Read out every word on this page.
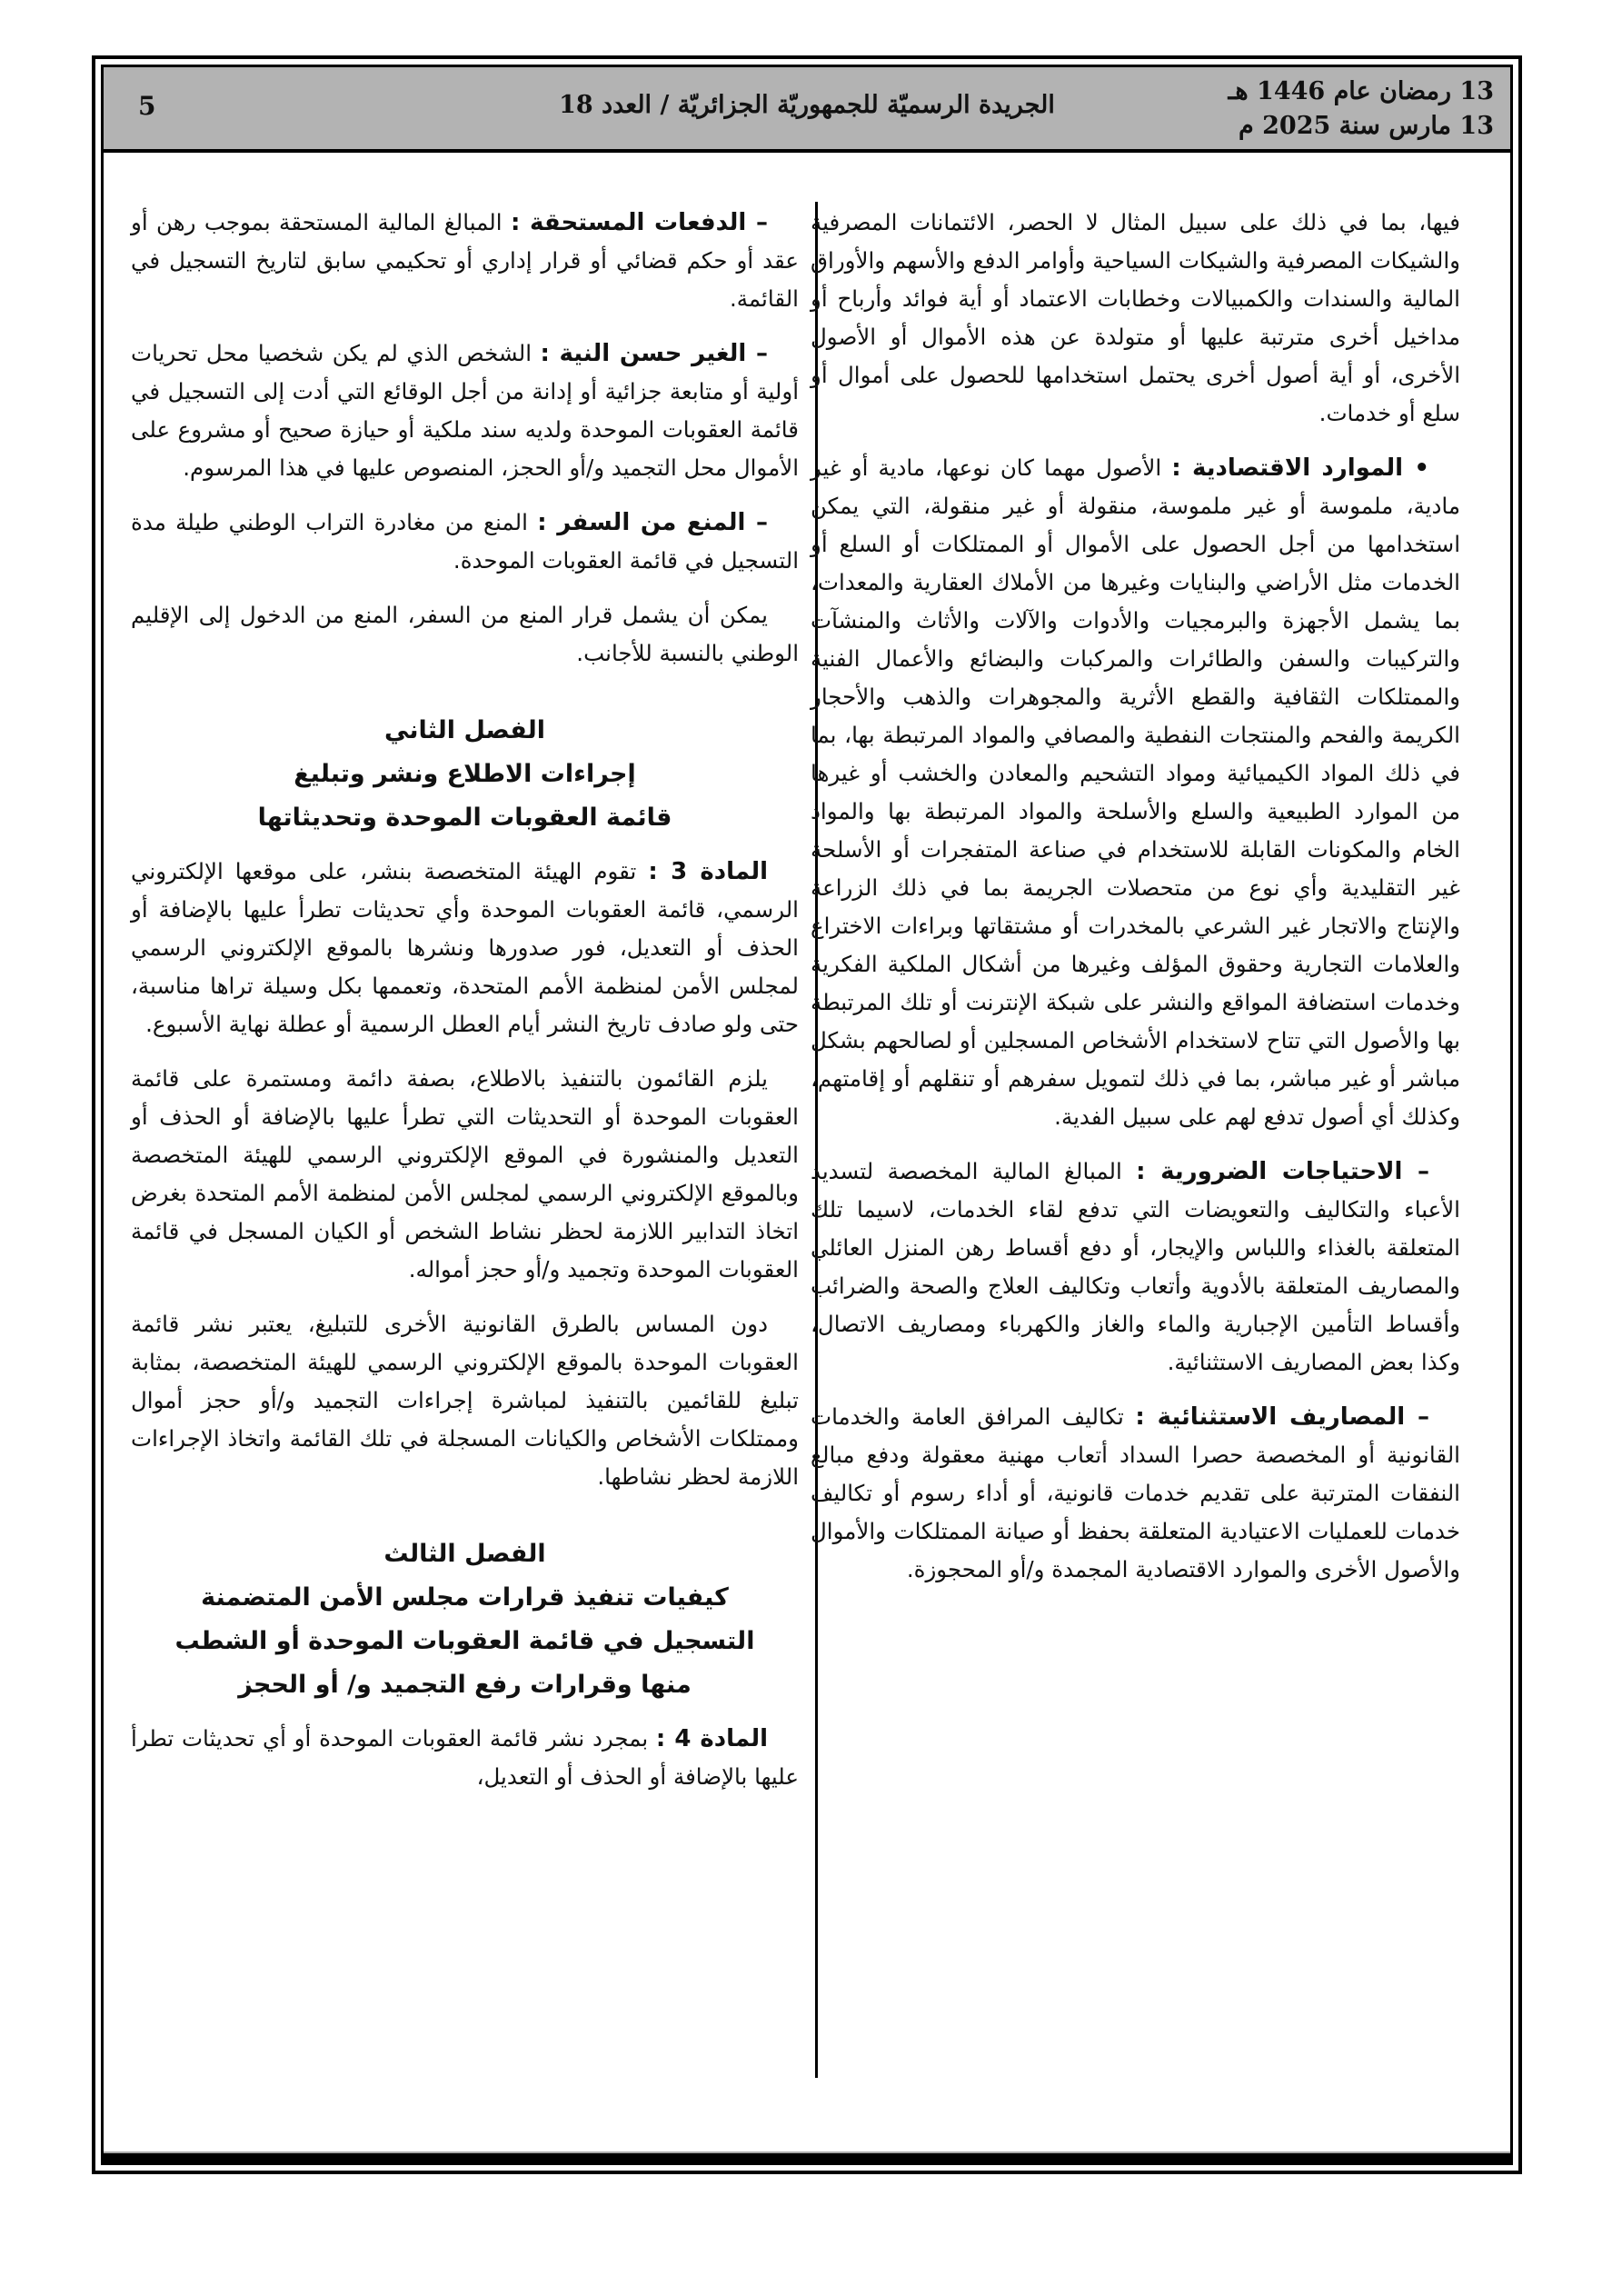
13 رمضان عام 1446 هـ
13 مارس سنة 2025 م
الجريدة الرسميّة للجمهوريّة الجزائريّة / العدد 18
5

فيها، بما في ذلك على سبيل المثال لا الحصر، الائتمانات المصرفية والشيكات المصرفية والشيكات السياحية وأوامر الدفع والأسهم والأوراق المالية والسندات والكمبيالات وخطابات الاعتماد أو أية فوائد وأرباح أو مداخيل أخرى مترتبة عليها أو متولدة عن هذه الأموال أو الأصول الأخرى، أو أية أصول أخرى يحتمل استخدامها للحصول على أموال أو سلع أو خدمات.

• الموارد الاقتصادية : الأصول مهما كان نوعها، مادية أو غير مادية، ملموسة أو غير ملموسة، منقولة أو غير منقولة، التي يمكن استخدامها من أجل الحصول على الأموال أو الممتلكات أو السلع أو الخدمات مثل الأراضي والبنايات وغيرها من الأملاك العقارية والمعدات، بما يشمل الأجهزة والبرمجيات والأدوات والآلات والأثاث والمنشآت والتركيبات والسفن والطائرات والمركبات والبضائع والأعمال الفنية والممتلكات الثقافية والقطع الأثرية والمجوهرات والذهب والأحجار الكريمة والفحم والمنتجات النفطية والمصافي والمواد المرتبطة بها، بما في ذلك المواد الكيميائية ومواد التشحيم والمعادن والخشب أو غيرها من الموارد الطبيعية والسلع والأسلحة والمواد المرتبطة بها والمواد الخام والمكونات القابلة للاستخدام في صناعة المتفجرات أو الأسلحة غير التقليدية وأي نوع من متحصلات الجريمة بما في ذلك الزراعة والإنتاج والاتجار غير الشرعي بالمخدرات أو مشتقاتها وبراءات الاختراع والعلامات التجارية وحقوق المؤلف وغيرها من أشكال الملكية الفكرية وخدمات استضافة المواقع والنشر على شبكة الإنترنت أو تلك المرتبطة بها والأصول التي تتاح لاستخدام الأشخاص المسجلين أو لصالحهم بشكل مباشر أو غير مباشر، بما في ذلك لتمويل سفرهم أو تنقلهم أو إقامتهم، وكذلك أي أصول تدفع لهم على سبيل الفدية.

– الاحتياجات الضرورية : المبالغ المالية المخصصة لتسديد الأعباء والتكاليف والتعويضات التي تدفع لقاء الخدمات، لاسيما تلك المتعلقة بالغذاء واللباس والإيجار، أو دفع أقساط رهن المنزل العائلي والمصاريف المتعلقة بالأدوية وأتعاب وتكاليف العلاج والصحة والضرائب وأقساط التأمين الإجبارية والماء والغاز والكهرباء ومصاريف الاتصال، وكذا بعض المصاريف الاستثنائية.

– المصاريف الاستثنائية : تكاليف المرافق العامة والخدمات القانونية أو المخصصة حصرا السداد أتعاب مهنية معقولة ودفع مبالغ النفقات المترتبة على تقديم خدمات قانونية، أو أداء رسوم أو تكاليف خدمات للعمليات الاعتيادية المتعلقة بحفظ أو صيانة الممتلكات والأموال والأصول الأخرى والموارد الاقتصادية المجمدة و/أو المحجوزة.

– الدفعات المستحقة : المبالغ المالية المستحقة بموجب رهن أو عقد أو حكم قضائي أو قرار إداري أو تحكيمي سابق لتاريخ التسجيل في القائمة.

– الغير حسن النية : الشخص الذي لم يكن شخصيا محل تحريات أولية أو متابعة جزائية أو إدانة من أجل الوقائع التي أدت إلى التسجيل في قائمة العقوبات الموحدة ولديه سند ملكية أو حيازة صحيح أو مشروع على الأموال محل التجميد و/أو الحجز، المنصوص عليها في هذا المرسوم.

– المنع من السفر : المنع من مغادرة التراب الوطني طيلة مدة التسجيل في قائمة العقوبات الموحدة.

يمكن أن يشمل قرار المنع من السفر، المنع من الدخول إلى الإقليم الوطني بالنسبة للأجانب.

الفصل الثاني
إجراءات الاطلاع ونشر وتبليغ
قائمة العقوبات الموحدة وتحديثاتها

المادة 3 : تقوم الهيئة المتخصصة بنشر، على موقعها الإلكتروني الرسمي، قائمة العقوبات الموحدة وأي تحديثات تطرأ عليها بالإضافة أو الحذف أو التعديل، فور صدورها ونشرها بالموقع الإلكتروني الرسمي لمجلس الأمن لمنظمة الأمم المتحدة، وتعممها بكل وسيلة تراها مناسبة، حتى ولو صادف تاريخ النشر أيام العطل الرسمية أو عطلة نهاية الأسبوع.

يلزم القائمون بالتنفيذ بالاطلاع، بصفة دائمة ومستمرة على قائمة العقوبات الموحدة أو التحديثات التي تطرأ عليها بالإضافة أو الحذف أو التعديل والمنشورة في الموقع الإلكتروني الرسمي للهيئة المتخصصة وبالموقع الإلكتروني الرسمي لمجلس الأمن لمنظمة الأمم المتحدة بغرض اتخاذ التدابير اللازمة لحظر نشاط الشخص أو الكيان المسجل في قائمة العقوبات الموحدة وتجميد و/أو حجز أمواله.

دون المساس بالطرق القانونية الأخرى للتبليغ، يعتبر نشر قائمة العقوبات الموحدة بالموقع الإلكتروني الرسمي للهيئة المتخصصة، بمثابة تبليغ للقائمين بالتنفيذ لمباشرة إجراءات التجميد و/أو حجز أموال وممتلكات الأشخاص والكيانات المسجلة في تلك القائمة واتخاذ الإجراءات اللازمة لحظر نشاطها.

الفصل الثالث
كيفيات تنفيذ قرارات مجلس الأمن المتضمنة
التسجيل في قائمة العقوبات الموحدة أو الشطب
منها وقرارات رفع التجميد و/ أو الحجز

المادة 4 : بمجرد نشر قائمة العقوبات الموحدة أو أي تحديثات تطرأ عليها بالإضافة أو الحذف أو التعديل،
